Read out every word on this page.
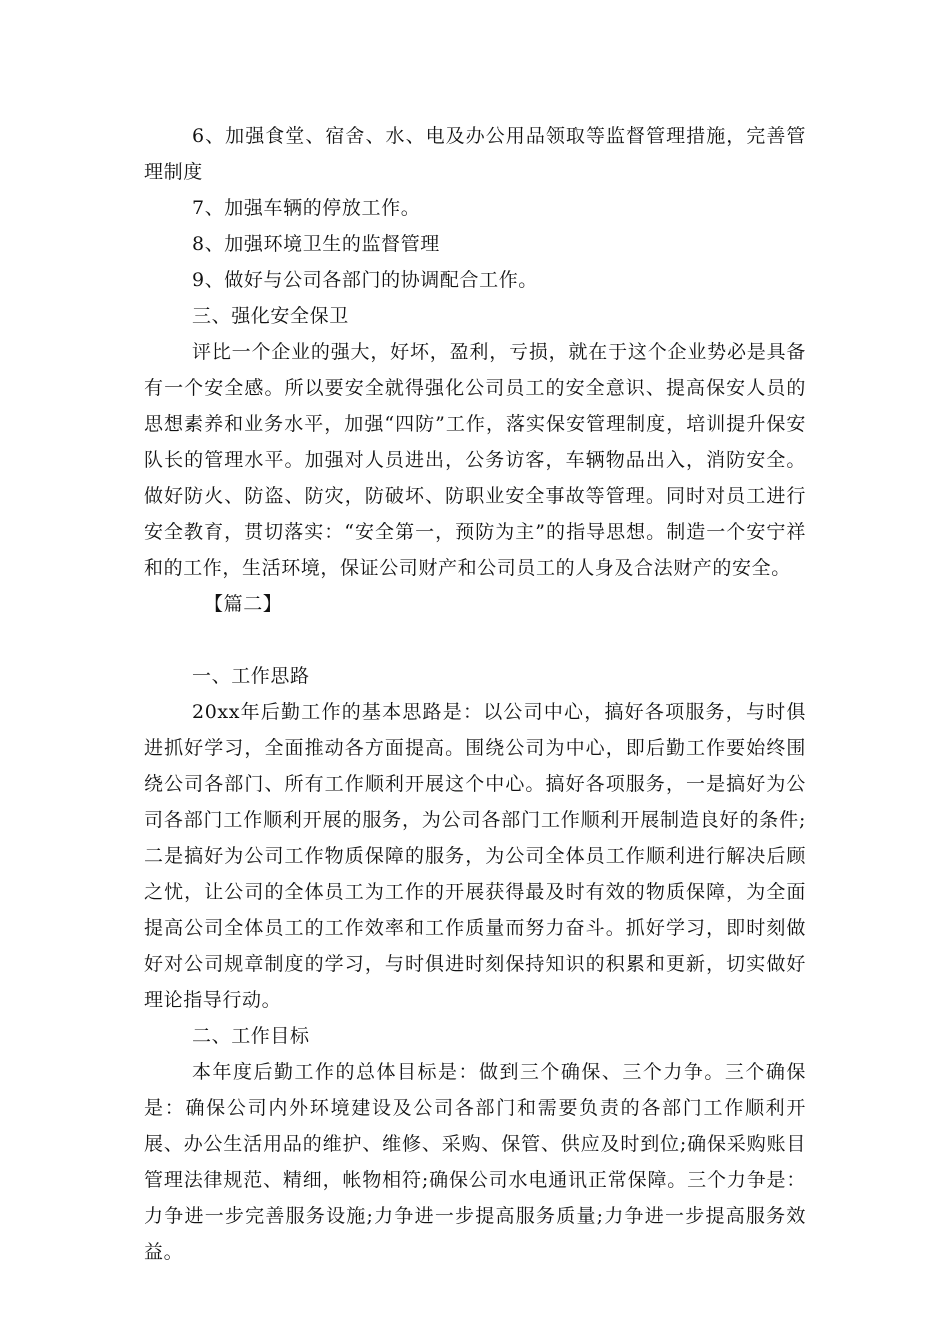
6、加强食堂、宿舍、水、电及办公用品领取等监督管理措施，完善管理制度

7、加强车辆的停放工作。

8、加强环境卫生的监督管理

9、做好与公司各部门的协调配合工作。

三、强化安全保卫

评比一个企业的强大，好坏，盈利，亏损，就在于这个企业势必是具备有一个安全感。所以要安全就得强化公司员工的安全意识、提高保安人员的思想素养和业务水平，加强“四防”工作，落实保安管理制度，培训提升保安队长的管理水平。加强对人员进出，公务访客，车辆物品出入，消防安全。做好防火、防盗、防灾，防破坏、防职业安全事故等管理。同时对员工进行安全教育，贯切落实：“安全第一，预防为主”的指导思想。制造一个安宁祥和的工作，生活环境，保证公司财产和公司员工的人身及合法财产的安全。

【篇二】

一、工作思路

20xx年后勤工作的基本思路是：以公司中心，搞好各项服务，与时俱进抓好学习，全面推动各方面提高。围绕公司为中心，即后勤工作要始终围绕公司各部门、所有工作顺利开展这个中心。搞好各项服务，一是搞好为公司各部门工作顺利开展的服务，为公司各部门工作顺利开展制造良好的条件;二是搞好为公司工作物质保障的服务，为公司全体员工作顺利进行解决后顾之忧，让公司的全体员工为工作的开展获得最及时有效的物质保障，为全面提高公司全体员工的工作效率和工作质量而努力奋斗。抓好学习，即时刻做好对公司规章制度的学习，与时俱进时刻保持知识的积累和更新，切实做好理论指导行动。

二、工作目标

本年度后勤工作的总体目标是：做到三个确保、三个力争。三个确保是：确保公司内外环境建设及公司各部门和需要负责的各部门工作顺利开展、办公生活用品的维护、维修、采购、保管、供应及时到位;确保采购账目管理法律规范、精细，帐物相符;确保公司水电通讯正常保障。三个力争是：力争进一步完善服务设施;力争进一步提高服务质量;力争进一步提高服务效益。
